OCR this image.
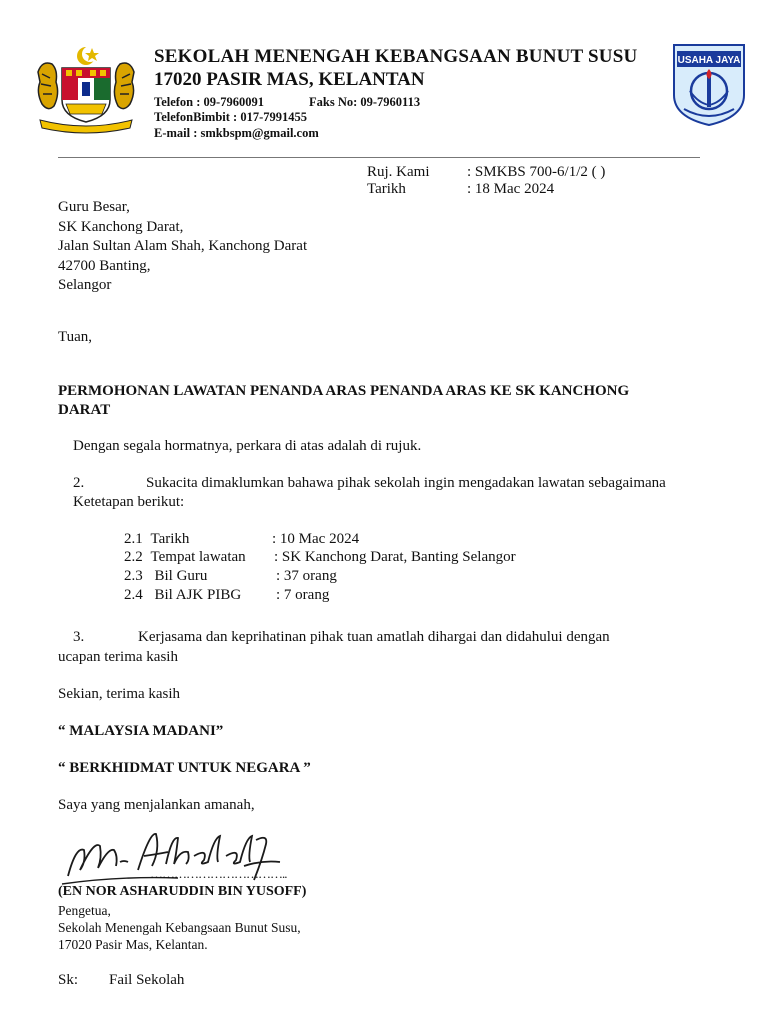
SEKOLAH MENENGAH KEBANGSAAN BUNUT SUSU
17020 PASIR MAS, KELANTAN
Telefon : 09-7960091	Faks No: 09-7960113
TelefonBimbit : 017-7991455
E-mail : smkbspm@gmail.com
USAHA JAYA
Ruj. Kami	: SMKBS 700-6/1/2 ( )
Tarikh	: 18 Mac 2024
Guru Besar,
SK Kanchong Darat,
Jalan Sultan Alam Shah, Kanchong Darat
42700 Banting,
Selangor
Tuan,
PERMOHONAN LAWATAN PENANDA ARAS PENANDA ARAS KE SK KANCHONG
DARAT
Dengan segala hormatnya, perkara di atas adalah di rujuk.
2.	Sukacita dimaklumkan bahawa pihak sekolah ingin mengadakan lawatan sebagaimana
Ketetapan berikut:
2.1 Tarikh	: 10 Mac 2024
2.2 Tempat lawatan : SK Kanchong Darat, Banting Selangor
2.3 Bil Guru	: 37 orang
2.4 Bil AJK PIBG : 7 orang
3.	Kerjasama dan keprihatinan pihak tuan amatlah dihargai dan didahului dengan
ucapan terima kasih
Sekian, terima kasih
“ MALAYSIA MADANI”
“ BERKHIDMAT UNTUK NEGARA ”
Saya yang menjalankan amanah,
……………………………..
(EN NOR ASHARUDDIN BIN YUSOFF)
Pengetua,
Sekolah Menengah Kebangsaan Bunut Susu,
17020 Pasir Mas, Kelantan.
Sk: Fail Sekolah
